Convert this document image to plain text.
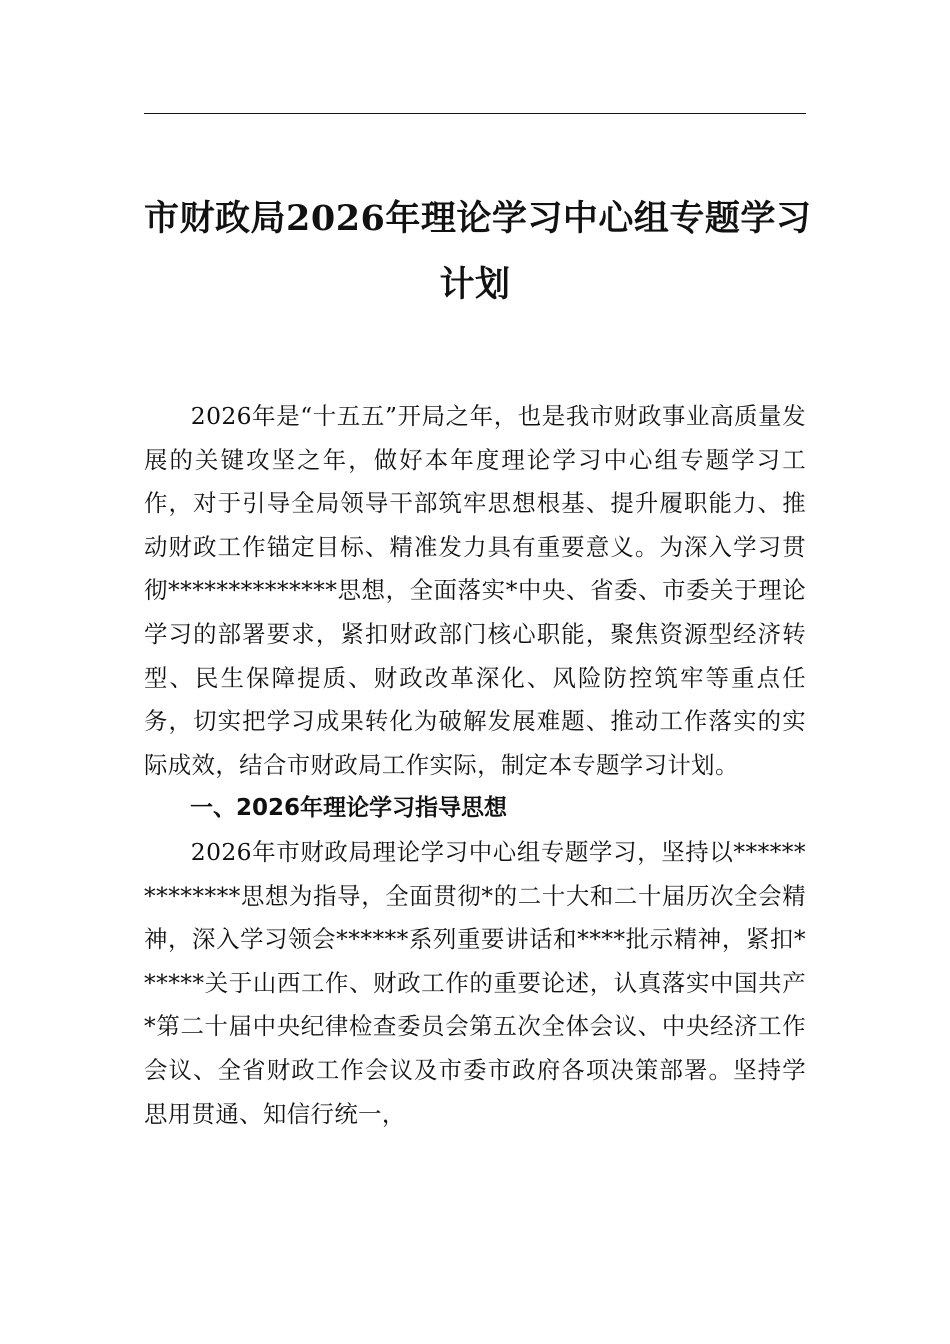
市财政局2026年理论学习中心组专题学习
计划

2026年是“十五五”开局之年，也是我市财政事业高质量发展的关键攻坚之年，做好本年度理论学习中心组专题学习工作，对于引导全局领导干部筑牢思想根基、提升履职能力、推动财政工作锚定目标、精准发力具有重要意义。为深入学习贯彻**************思想，全面落实*中央、省委、市委关于理论学习的部署要求，紧扣财政部门核心职能，聚焦资源型经济转型、民生保障提质、财政改革深化、风险防控筑牢等重点任务，切实把学习成果转化为破解发展难题、推动工作落实的实际成效，结合市财政局工作实际，制定本专题学习计划。

一、2026年理论学习指导思想

2026年市财政局理论学习中心组专题学习，坚持以**************思想为指导，全面贯彻*的二十大和二十届历次全会精神，深入学习领会******系列重要讲话和****批示精神，紧扣******关于山西工作、财政工作的重要论述，认真落实中国共产*第二十届中央纪律检查委员会第五次全体会议、中央经济工作会议、全省财政工作会议及市委市政府各项决策部署。坚持学思用贯通、知信行统一，
